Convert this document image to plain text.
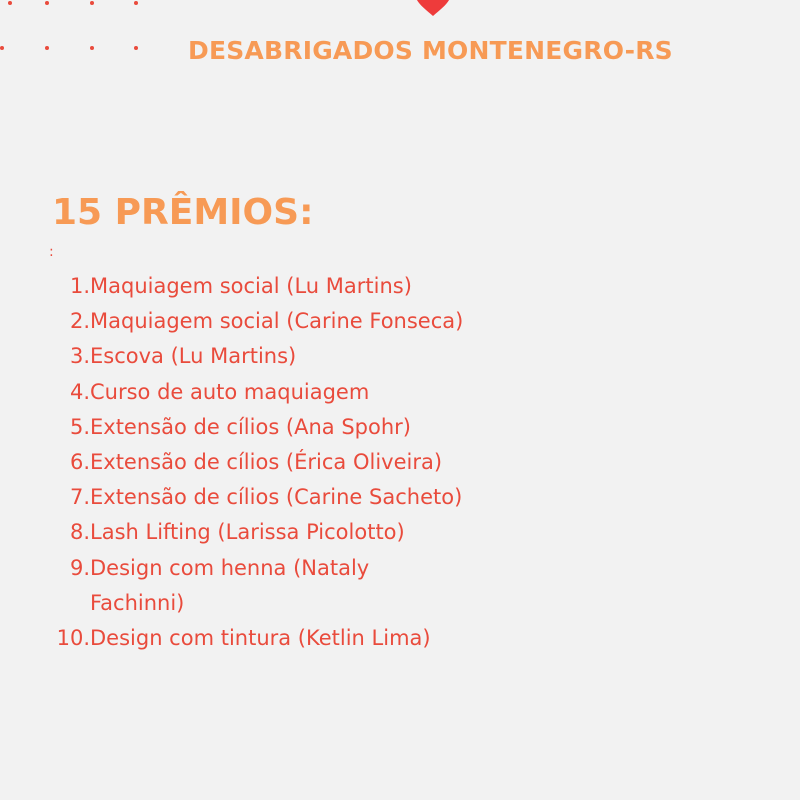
DESABRIGADOS MONTENEGRO-RS
15 PRÊMIOS:
:
1. Maquiagem social (Lu Martins)
2. Maquiagem social (Carine Fonseca)
3. Escova (Lu Martins)
4. Curso de auto maquiagem
5. Extensão de cílios (Ana Spohr)
6. Extensão de cílios (Érica Oliveira)
7. Extensão de cílios (Carine Sacheto)
8. Lash Lifting (Larissa Picolotto)
9. Design com henna (Nataly Fachinni)
10. Design com tintura (Ketlin Lima)
